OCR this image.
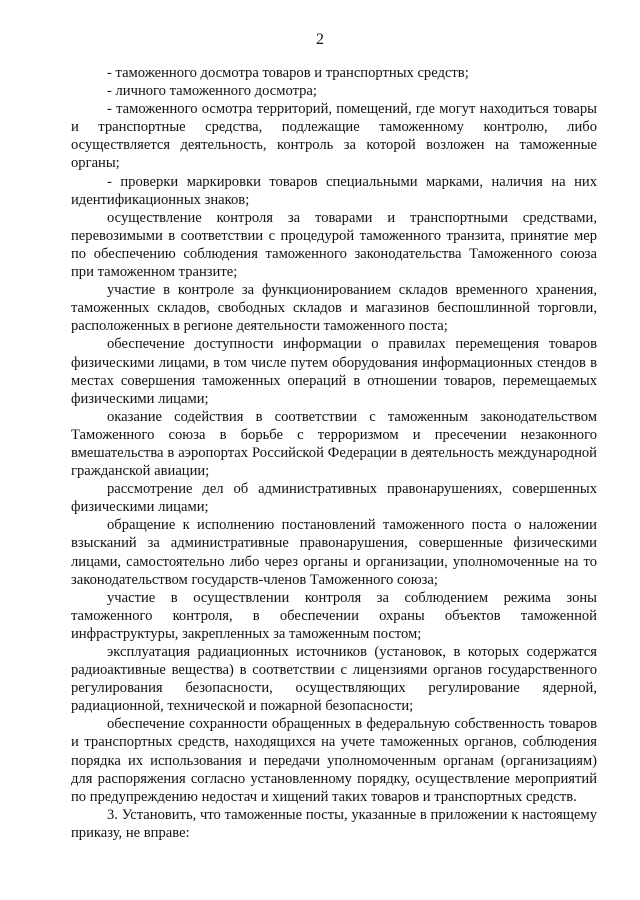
2

- таможенного досмотра товаров и транспортных средств;

- личного таможенного досмотра;

- таможенного осмотра территорий, помещений, где могут находиться товары и транспортные средства, подлежащие таможенному контролю, либо осуществляется деятельность, контроль за которой возложен на таможенные органы;

- проверки маркировки товаров специальными марками, наличия на них идентификационных знаков;

осуществление контроля за товарами и транспортными средствами, перевозимыми в соответствии с процедурой таможенного транзита, принятие мер по обеспечению соблюдения таможенного законодательства Таможенного союза при таможенном транзите;

участие в контроле за функционированием складов временного хранения, таможенных складов, свободных складов и магазинов беспошлинной торговли, расположенных в регионе деятельности таможенного поста;

обеспечение доступности информации о правилах перемещения товаров физическими лицами, в том числе путем оборудования информационных стендов в местах совершения таможенных операций в отношении товаров, перемещаемых физическими лицами;

оказание содействия в соответствии с таможенным законодательством Таможенного союза в борьбе с терроризмом и пресечении незаконного вмешательства в аэропортах Российской Федерации в деятельность международной гражданской авиации;

рассмотрение дел об административных правонарушениях, совершенных физическими лицами;

обращение к исполнению постановлений таможенного поста о наложении взысканий за административные правонарушения, совершенные физическими лицами, самостоятельно либо через органы и организации, уполномоченные на то законодательством государств-членов Таможенного союза;

участие в осуществлении контроля за соблюдением режима зоны таможенного контроля, в обеспечении охраны объектов таможенной инфраструктуры, закрепленных за таможенным постом;

эксплуатация радиационных источников (установок, в которых содержатся радиоактивные вещества) в соответствии с лицензиями органов государственного регулирования безопасности, осуществляющих регулирование ядерной, радиационной, технической и пожарной безопасности;

обеспечение сохранности обращенных в федеральную собственность товаров и транспортных средств, находящихся на учете таможенных органов, соблюдения порядка их использования и передачи уполномоченным органам (организациям) для распоряжения согласно установленному порядку, осуществление мероприятий по предупреждению недостач и хищений таких товаров и транспортных средств.

3. Установить, что таможенные посты, указанные в приложении к настоящему приказу, не вправе:
